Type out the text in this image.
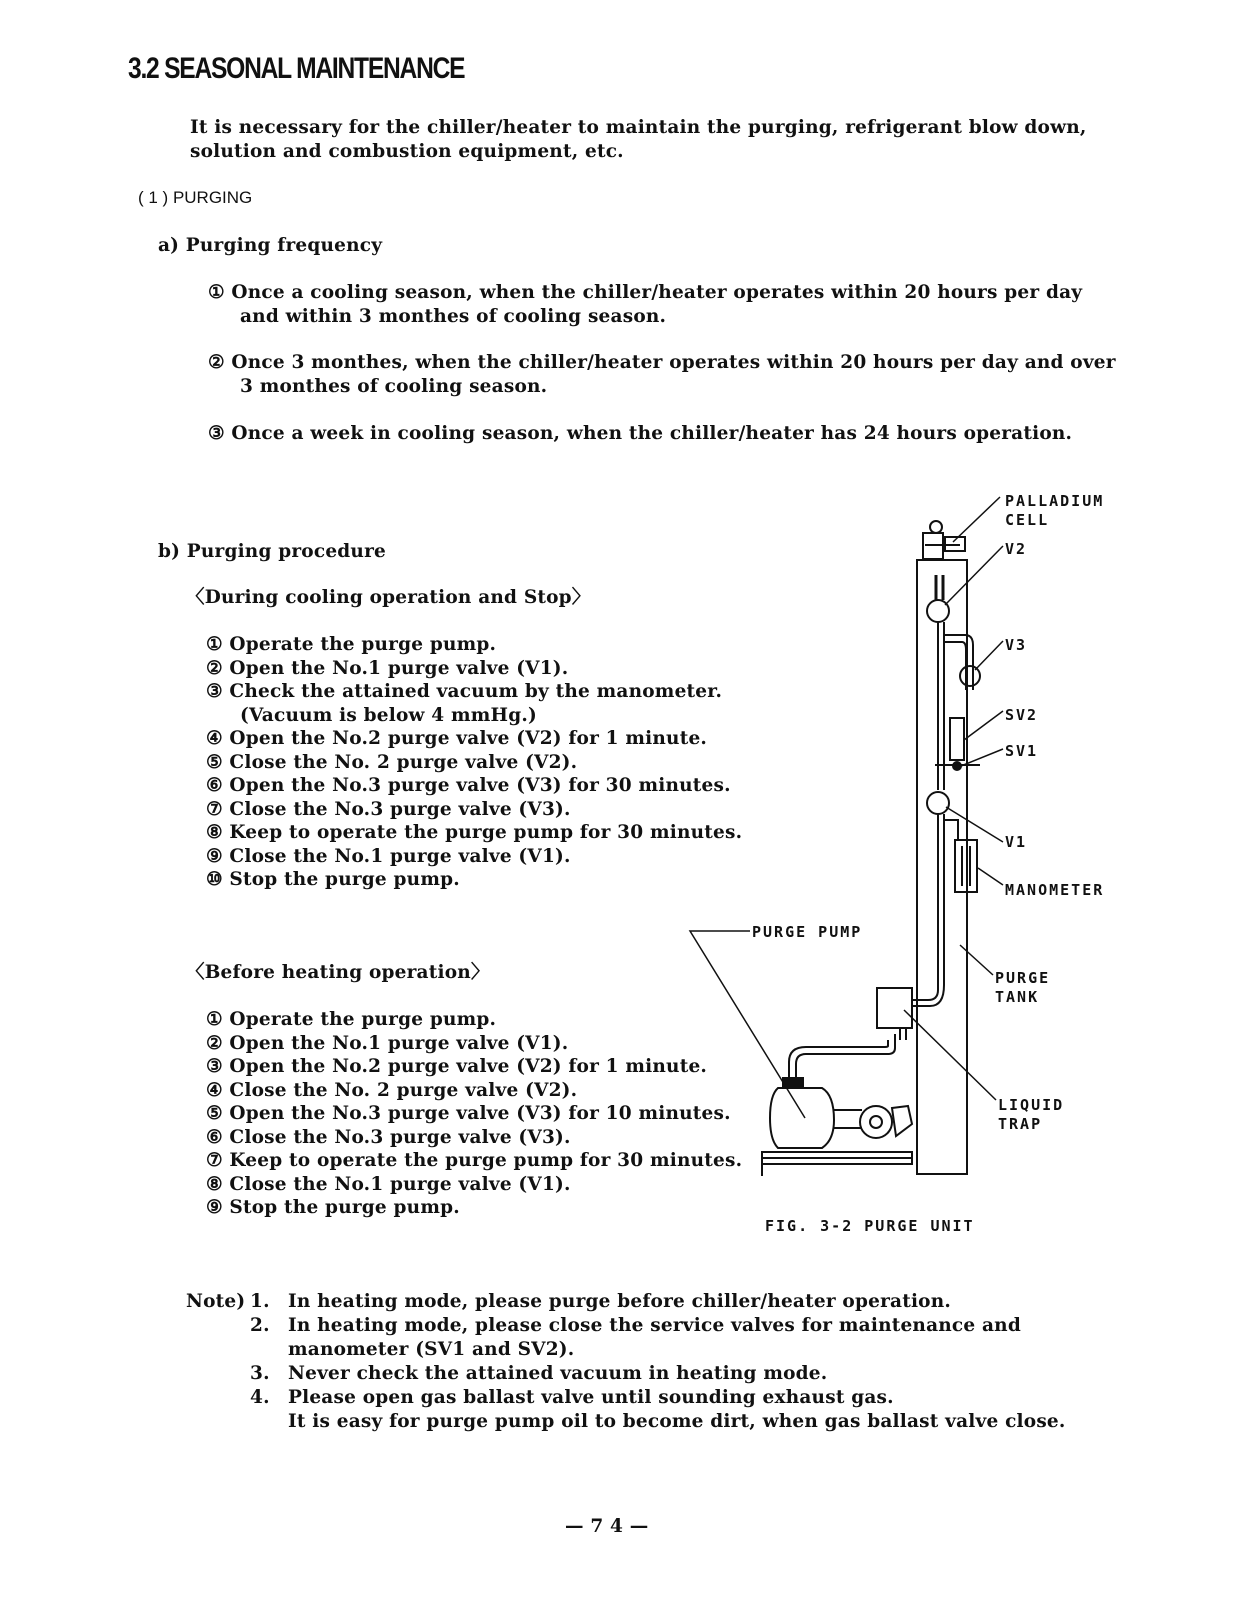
3.2 SEASONAL MAINTENANCE
It is necessary for the chiller/heater to maintain the purging, refrigerant blow down,
solution and combustion equipment, etc.
( 1 ) PURGING
a) Purging frequency
① Once a cooling season, when the chiller/heater operates within 20 hours per day
and within 3 monthes of cooling season.
② Once 3 monthes, when the chiller/heater operates within 20 hours per day and over
3 monthes of cooling season.
③ Once a week in cooling season, when the chiller/heater has 24 hours operation.
b) Purging procedure
〈During cooling operation and Stop〉
① Operate the purge pump.
② Open the No.1 purge valve (V1).
③ Check the attained vacuum by the manometer.
(Vacuum is below 4 mmHg.)
④ Open the No.2 purge valve (V2) for 1 minute.
⑤ Close the No. 2 purge valve (V2).
⑥ Open the No.3 purge valve (V3) for 30 minutes.
⑦ Close the No.3 purge valve (V3).
⑧ Keep to operate the purge pump for 30 minutes.
⑨ Close the No.1 purge valve (V1).
⑩ Stop the purge pump.
〈Before heating operation〉
① Operate the purge pump.
② Open the No.1 purge valve (V1).
③ Open the No.2 purge valve (V2) for 1 minute.
④ Close the No. 2 purge valve (V2).
⑤ Open the No.3 purge valve (V3) for 10 minutes.
⑥ Close the No.3 purge valve (V3).
⑦ Keep to operate the purge pump for 30 minutes.
⑧ Close the No.1 purge valve (V1).
⑨ Stop the purge pump.
PALLADIUM
CELL
V2
V3
SV2
SV1
V1
MANOMETER
PURGE PUMP
PURGE
TANK
LIQUID
TRAP
FIG. 3-2 PURGE UNIT
Note) 1. In heating mode, please purge before chiller/heater operation.
2. In heating mode, please close the service valves for maintenance and
manometer (SV1 and SV2).
3. Never check the attained vacuum in heating mode.
4. Please open gas ballast valve until sounding exhaust gas.
It is easy for purge pump oil to become dirt, when gas ballast valve close.
— 7 4 —
